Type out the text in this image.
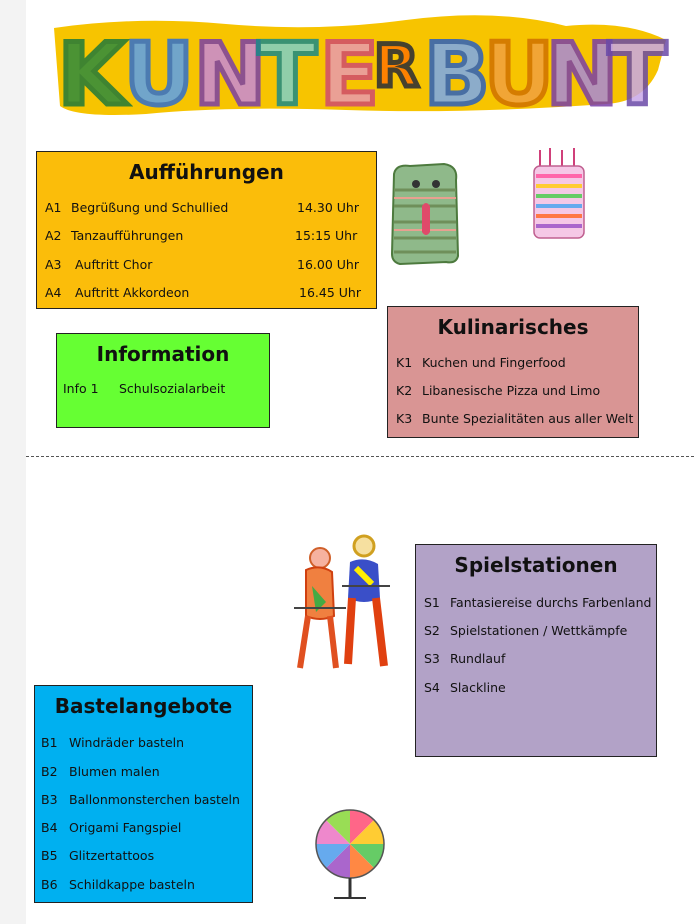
K U N
T E
R B
U
N
T
Aufführungen
A1 Begrüßung und Schullied	14.30 Uhr
A2 Tanzaufführungen	15:15 Uhr
A3 Auftritt Chor	16.00 Uhr
A4 Auftritt Akkordeon	16.45 Uhr
Information
Info 1 Schulsozialarbeit
Kulinarisches
K1 Kuchen und Fingerfood
K2 Libanesische Pizza und Limo
K3 Bunte Spezialitäten aus aller Welt
Spielstationen
S1 Fantasiereise durchs Farbenland
S2 Spielstationen / Wettkämpfe
S3 Rundlauf
S4 Slackline
Bastelangebote
B1 Windräder basteln
B2 Blumen malen
B3 Ballonmonsterchen basteln
B4 Origami Fangspiel
B5 Glitzertattoos
B6 Schildkappe basteln
